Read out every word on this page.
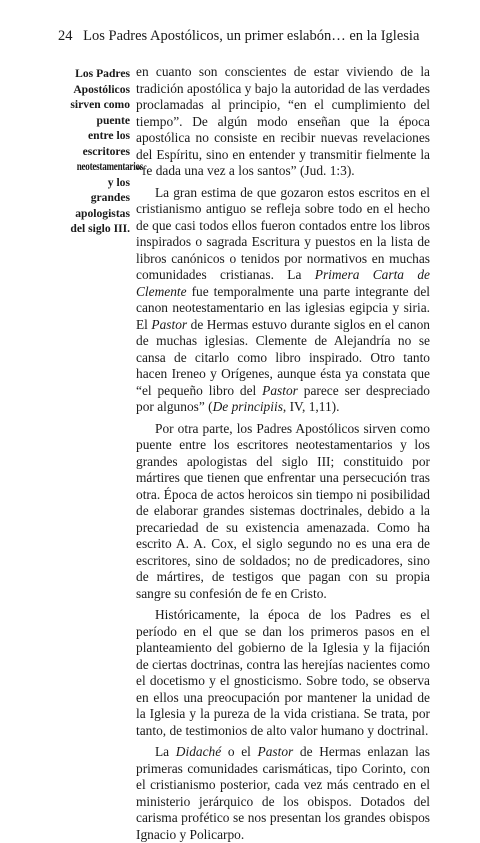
24 Los Padres Apostólicos, un primer eslabón… en la Iglesia
Los Padres
Apostólicos
sirven como
puente
entre los
escritores
neotestamentarios
y los
grandes
apologistas
del siglo III.

en cuanto son conscientes de estar viviendo de la tradición apostólica y bajo la autoridad de las verdades proclamadas al principio, “en el cumplimiento del tiempo”. De algún modo enseñan que la época apostólica no consiste en recibir nuevas revelaciones del Espíritu, sino en entender y transmitir fielmente la “fe dada una vez a los santos” (Jud. 1:3).

La gran estima de que gozaron estos escritos en el cristianismo antiguo se refleja sobre todo en el hecho de que casi todos ellos fueron contados entre los libros inspirados o sagrada Escritura y puestos en la lista de libros canónicos o tenidos por normativos en muchas comunidades cristianas. La Primera Carta de Clemente fue temporalmente una parte integrante del canon neotestamentario en las iglesias egipcia y siria. El Pastor de Hermas estuvo durante siglos en el canon de muchas iglesias. Clemente de Alejandría no se cansa de citarlo como libro inspirado. Otro tanto hacen Ireneo y Orígenes, aunque ésta ya constata que “el pequeño libro del Pastor parece ser despreciado por algunos” (De principiis, IV, 1,11).

Por otra parte, los Padres Apostólicos sirven como puente entre los escritores neotestamentarios y los grandes apologistas del siglo III; constituido por mártires que tienen que enfrentar una persecución tras otra. Época de actos heroicos sin tiempo ni posibilidad de elaborar grandes sistemas doctrinales, debido a la precariedad de su existencia amenazada. Como ha escrito A. A. Cox, el siglo segundo no es una era de escritores, sino de soldados; no de predicadores, sino de mártires, de testigos que pagan con su propia sangre su confesión de fe en Cristo.

Históricamente, la época de los Padres es el período en el que se dan los primeros pasos en el planteamiento del gobierno de la Iglesia y la fijación de ciertas doctrinas, contra las herejías nacientes como el docetismo y el gnosticismo. Sobre todo, se observa en ellos una preocupación por mantener la unidad de la Iglesia y la pureza de la vida cristiana. Se trata, por tanto, de testimonios de alto valor humano y doctrinal.

La Didaché o el Pastor de Hermas enlazan las primeras comunidades carismáticas, tipo Corinto, con el cristianismo posterior, cada vez más centrado en el ministerio jerárquico de los obispos. Dotados del carisma profético se nos presentan los grandes obispos Ignacio y Policarpo.
